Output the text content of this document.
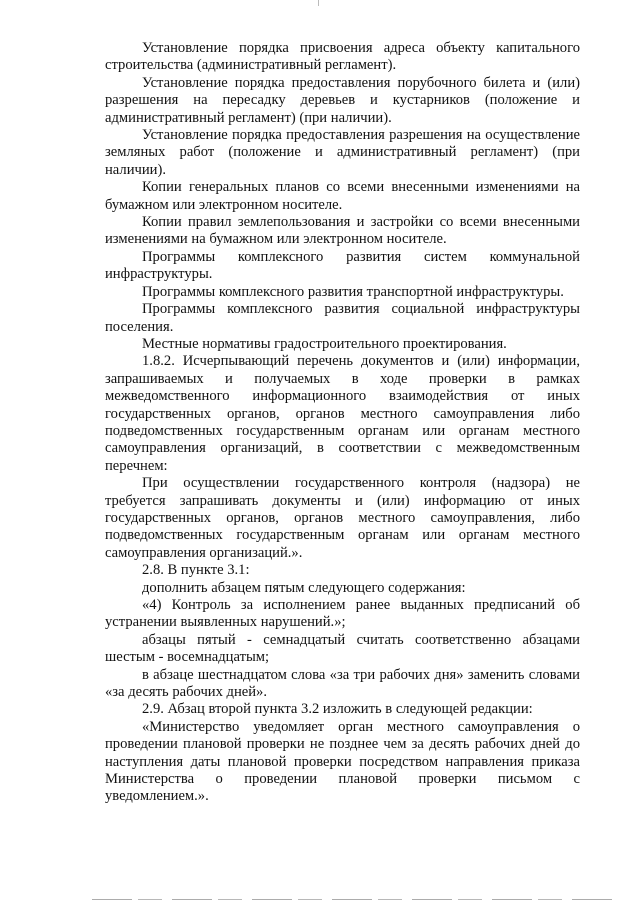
Установление порядка присвоения адреса объекту капитального строительства (административный регламент).

Установление порядка предоставления порубочного билета и (или) разрешения на пересадку деревьев и кустарников (положение и административный регламент) (при наличии).

Установление порядка предоставления разрешения на осуществление земляных работ (положение и административный регламент) (при наличии).

Копии генеральных планов со всеми внесенными изменениями на бумажном или электронном носителе.

Копии правил землепользования и застройки со всеми внесенными изменениями на бумажном или электронном носителе.

Программы комплексного развития систем коммунальной инфраструктуры.

Программы комплексного развития транспортной инфраструктуры.

Программы комплексного развития социальной инфраструктуры поселения.

Местные нормативы градостроительного проектирования.

1.8.2. Исчерпывающий перечень документов и (или) информации, запрашиваемых и получаемых в ходе проверки в рамках межведомственного информационного взаимодействия от иных государственных органов, органов местного самоуправления либо подведомственных государственным органам или органам местного самоуправления организаций, в соответствии с межведомственным перечнем:

При осуществлении государственного контроля (надзора) не требуется запрашивать документы и (или) информацию от иных государственных органов, органов местного самоуправления, либо подведомственных государственным органам или органам местного самоуправления организаций.».

2.8. В пункте 3.1:

дополнить абзацем пятым следующего содержания:

«4) Контроль за исполнением ранее выданных предписаний об устранении выявленных нарушений.»;

абзацы пятый - семнадцатый считать соответственно абзацами шестым - восемнадцатым;

в абзаце шестнадцатом слова «за три рабочих дня» заменить словами «за десять рабочих дней».

2.9. Абзац второй пункта 3.2 изложить в следующей редакции:

«Министерство уведомляет орган местного самоуправления о проведении плановой проверки не позднее чем за десять рабочих дней до наступления даты плановой проверки посредством направления приказа Министерства о проведении плановой проверки письмом с уведомлением.».
